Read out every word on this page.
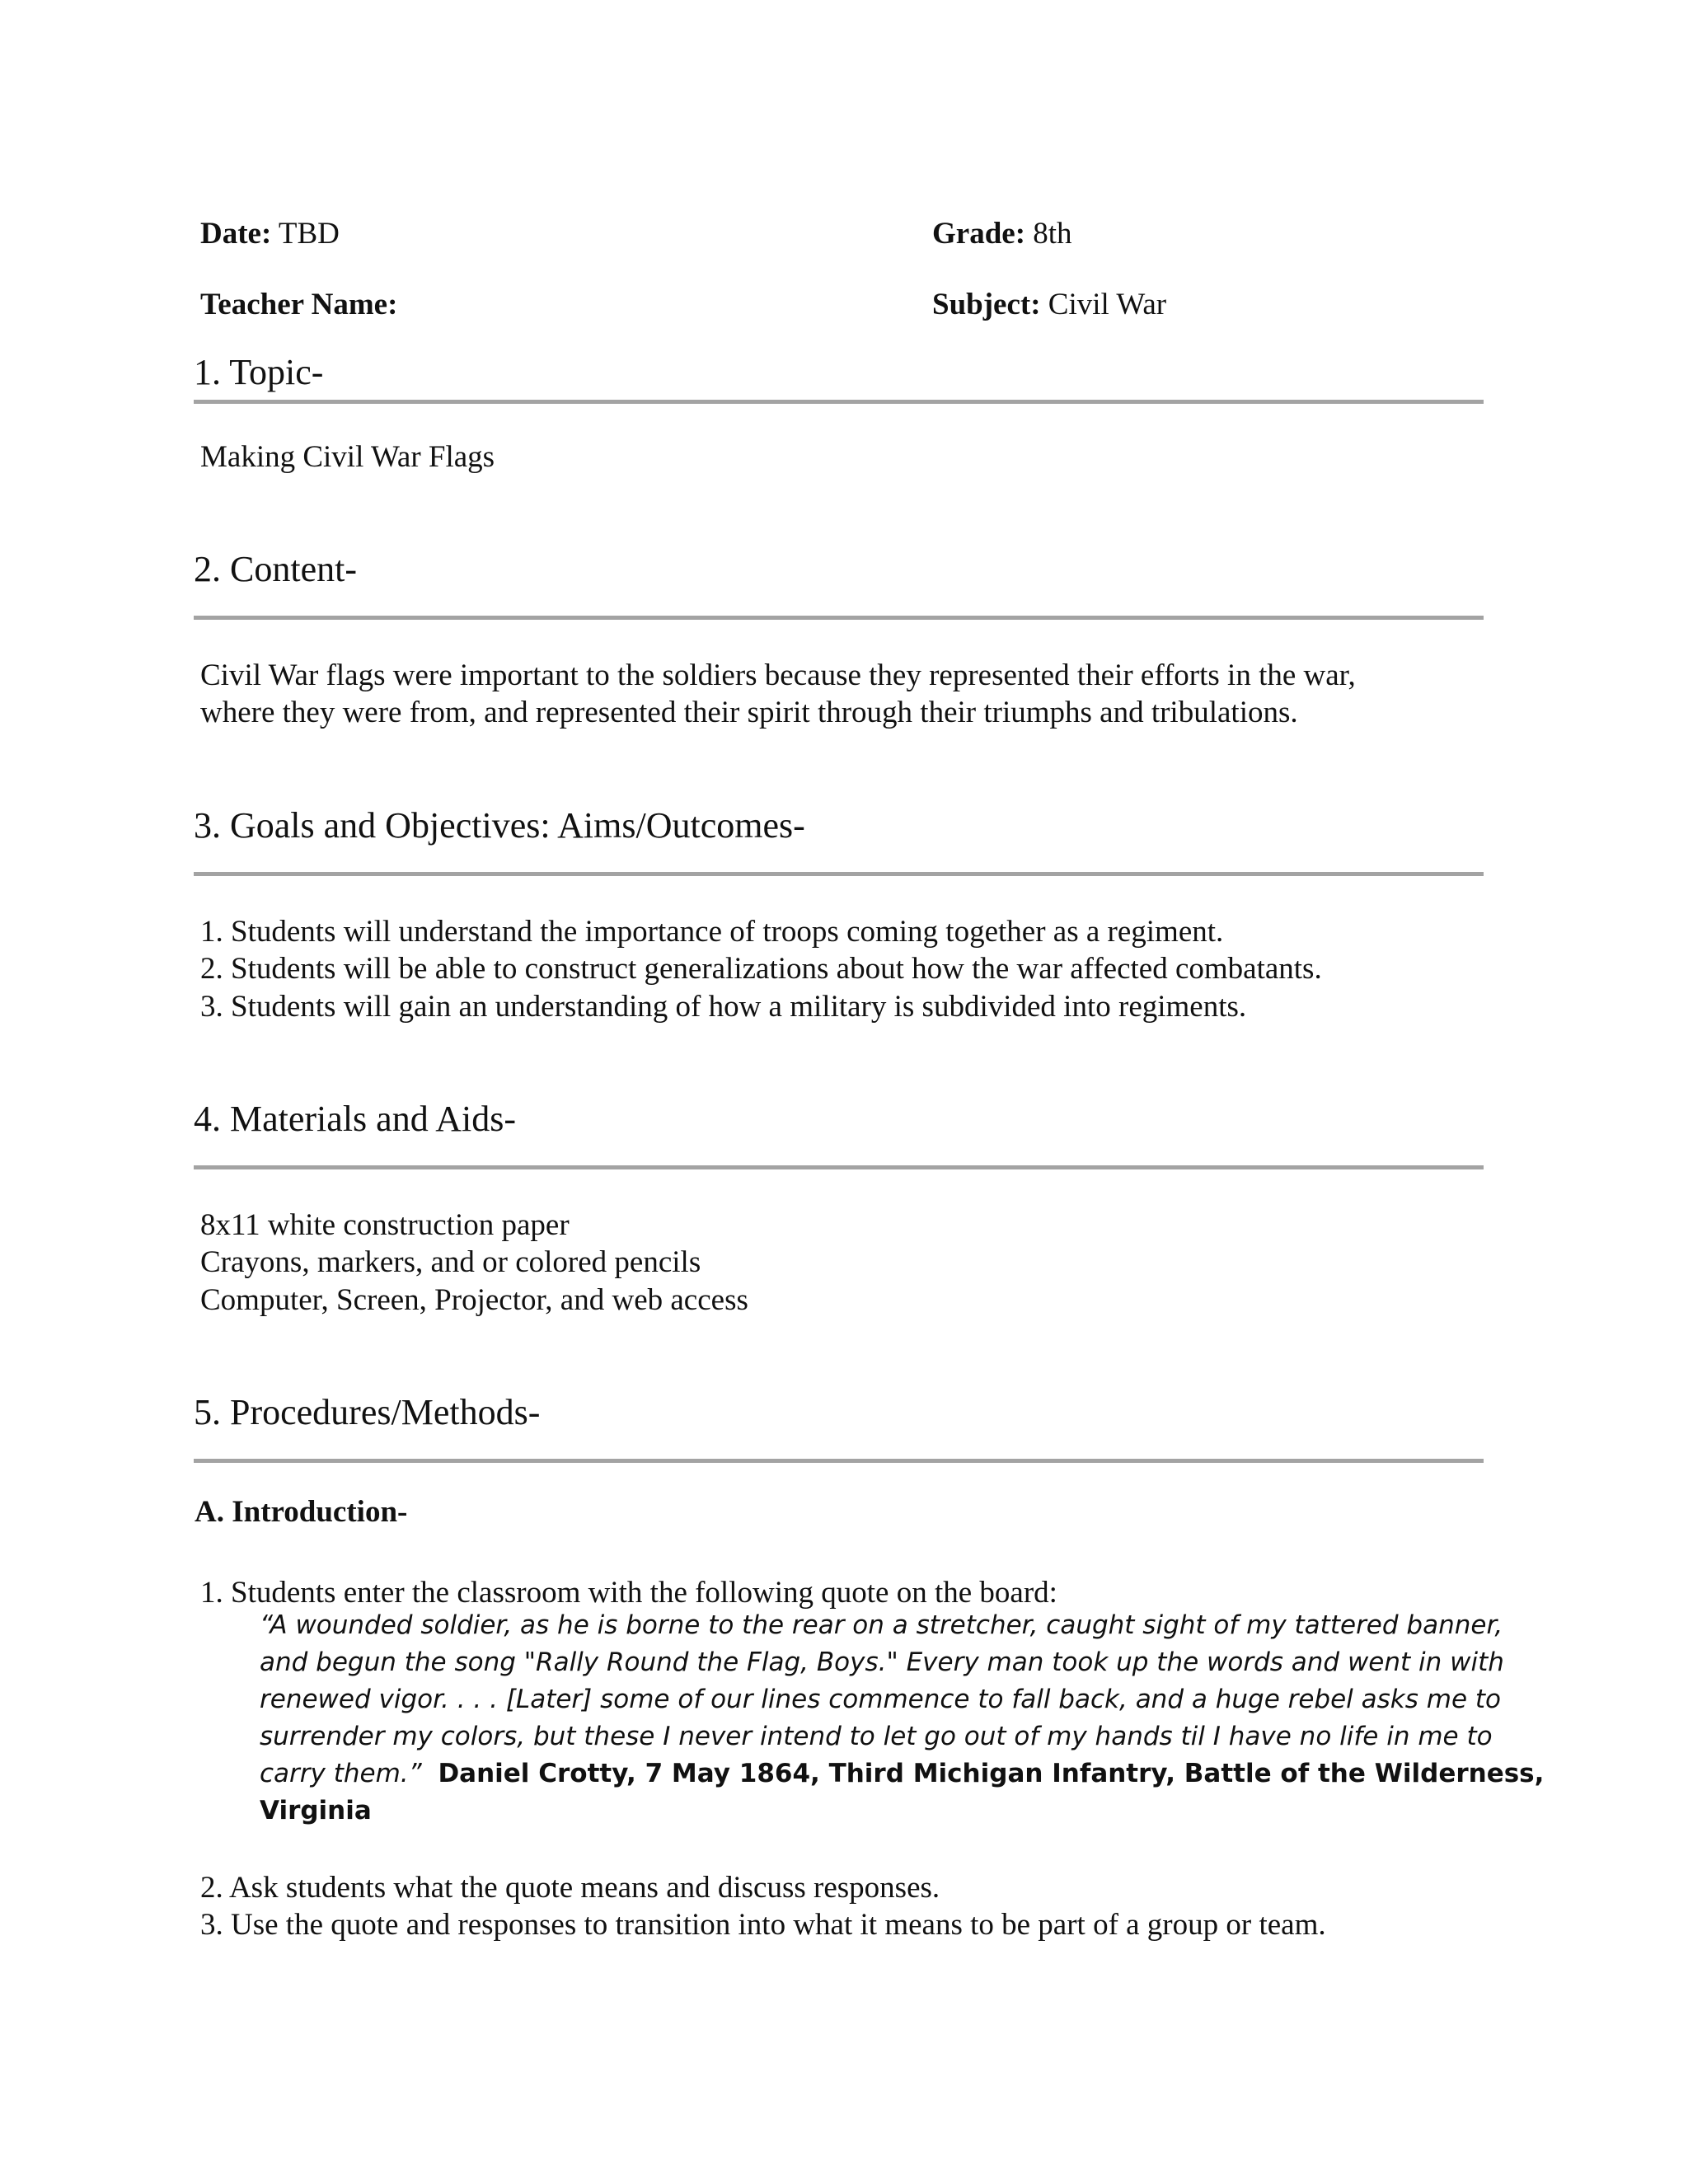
Date: TBD	Grade: 8th
Teacher Name:	Subject: Civil War
1. Topic-
Making Civil War Flags
2. Content-
Civil War flags were important to the soldiers because they represented their efforts in the war,
where they were from, and represented their spirit through their triumphs and tribulations.
3. Goals and Objectives: Aims/Outcomes-
1. Students will understand the importance of troops coming together as a regiment.
2. Students will be able to construct generalizations about how the war affected combatants.
3. Students will gain an understanding of how a military is subdivided into regiments.
4. Materials and Aids-
8x11 white construction paper
Crayons, markers, and or colored pencils
Computer, Screen, Projector, and web access
5. Procedures/Methods-
A. Introduction-
1. Students enter the classroom with the following quote on the board:
“A wounded soldier, as he is borne to the rear on a stretcher, caught sight of my tattered banner,
and begun the song "Rally Round the Flag, Boys." Every man took up the words and went in with
renewed vigor. . . . [Later] some of our lines commence to fall back, and a huge rebel asks me to
surrender my colors, but these I never intend to let go out of my hands til I have no life in me to
carry them.” Daniel Crotty, 7 May 1864, Third Michigan Infantry, Battle of the Wilderness,
Virginia
2. Ask students what the quote means and discuss responses.
3. Use the quote and responses to transition into what it means to be part of a group or team.
